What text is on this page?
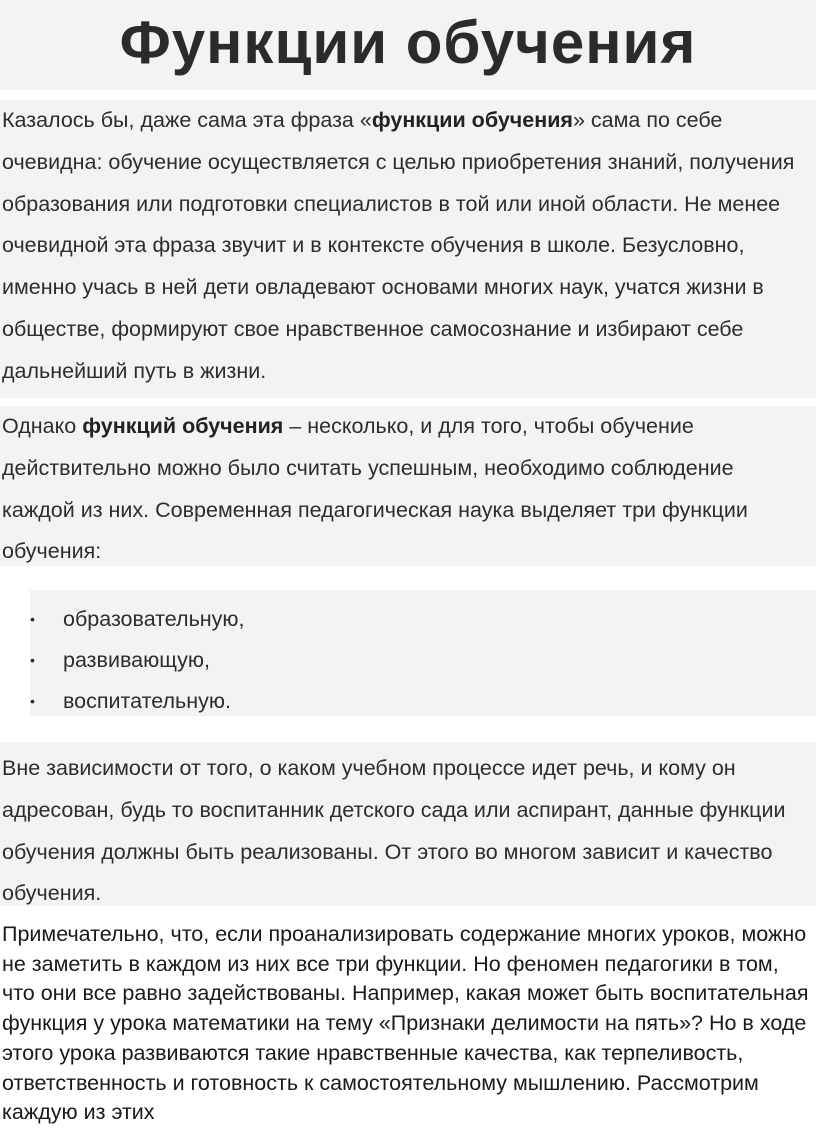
Функции обучения

Казалось бы, даже сама эта фраза «функции обучения» сама по себе очевидна: обучение осуществляется с целью приобретения знаний, получения образования или подготовки специалистов в той или иной области. Не менее очевидной эта фраза звучит и в контексте обучения в школе. Безусловно, именно учась в ней дети овладевают основами многих наук, учатся жизни в обществе, формируют свое нравственное самосознание и избирают себе дальнейший путь в жизни.

Однако функций обучения – несколько, и для того, чтобы обучение действительно можно было считать успешным, необходимо соблюдение каждой из них. Современная педагогическая наука выделяет три функции обучения:

• образовательную,
• развивающую,
• воспитательную.

Вне зависимости от того, о каком учебном процессе идет речь, и кому он адресован, будь то воспитанник детского сада или аспирант, данные функции обучения должны быть реализованы. От этого во многом зависит и качество обучения.

Примечательно, что, если проанализировать содержание многих уроков, можно не заметить в каждом из них все три функции. Но феномен педагогики в том, что они все равно задействованы. Например, какая может быть воспитательная функция у урока математики на тему «Признаки делимости на пять»? Но в ходе этого урока развиваются такие нравственные качества, как терпеливость, ответственность и готовность к самостоятельному мышлению. Рассмотрим каждую из этих
